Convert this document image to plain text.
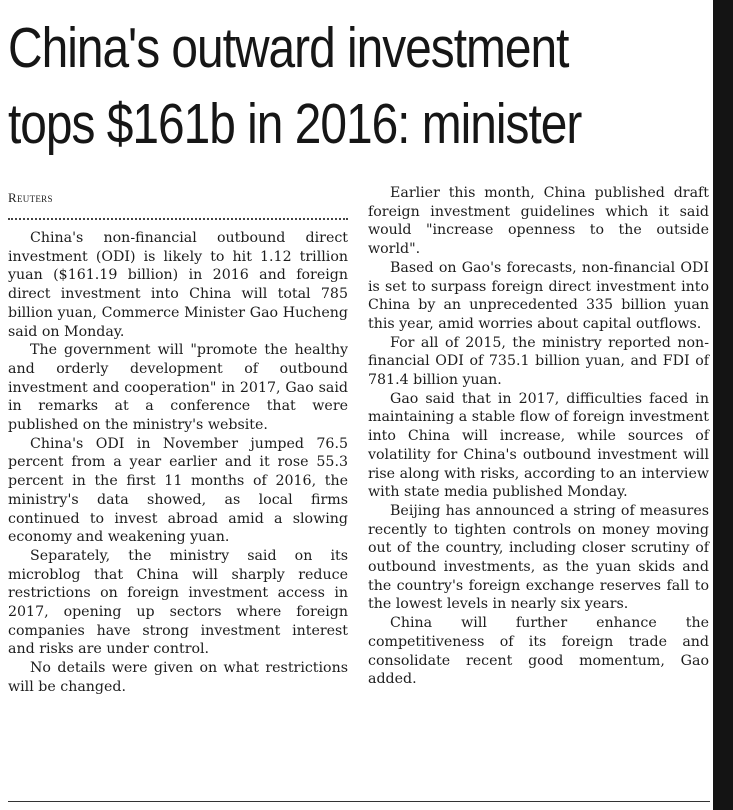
China's outward investment
tops $161b in 2016: minister
Reuters

China's non-financial outbound direct investment (ODI) is likely to hit 1.12 trillion yuan ($161.19 billion) in 2016 and foreign direct investment into China will total 785 billion yuan, Commerce Minister Gao Hucheng said on Monday.

The government will "promote the healthy and orderly development of outbound investment and cooperation" in 2017, Gao said in remarks at a conference that were published on the ministry's website.

China's ODI in November jumped 76.5 percent from a year earlier and it rose 55.3 percent in the first 11 months of 2016, the ministry's data showed, as local firms continued to invest abroad amid a slowing economy and weakening yuan.

Separately, the ministry said on its microblog that China will sharply reduce restrictions on foreign investment access in 2017, opening up sectors where foreign companies have strong investment interest and risks are under control.

No details were given on what restrictions will be changed.

Earlier this month, China published draft foreign investment guidelines which it said would "increase openness to the outside world".

Based on Gao's forecasts, non-financial ODI is set to surpass foreign direct investment into China by an unprecedented 335 billion yuan this year, amid worries about capital outflows.

For all of 2015, the ministry reported non-financial ODI of 735.1 billion yuan, and FDI of 781.4 billion yuan.

Gao said that in 2017, difficulties faced in maintaining a stable flow of foreign investment into China will increase, while sources of volatility for China's outbound investment will rise along with risks, according to an interview with state media published Monday.

Beijing has announced a string of measures recently to tighten controls on money moving out of the country, including closer scrutiny of outbound investments, as the yuan skids and the country's foreign exchange reserves fall to the lowest levels in nearly six years.

China will further enhance the competitiveness of its foreign trade and consolidate recent good momentum, Gao added.
